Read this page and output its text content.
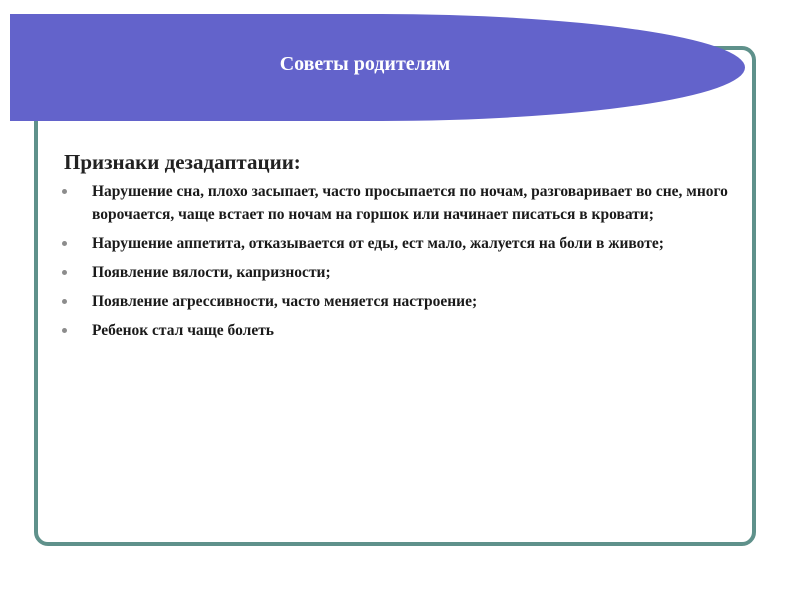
Советы родителям
Признаки дезадаптации:
Нарушение сна, плохо засыпает, часто просыпается по ночам, разговаривает во сне, много ворочается, чаще встает по ночам на горшок или начинает писаться в кровати;
Нарушение аппетита, отказывается от еды, ест мало, жалуется на боли в животе;
Появление вялости, капризности;
Появление агрессивности, часто меняется настроение;
Ребенок стал чаще болеть
